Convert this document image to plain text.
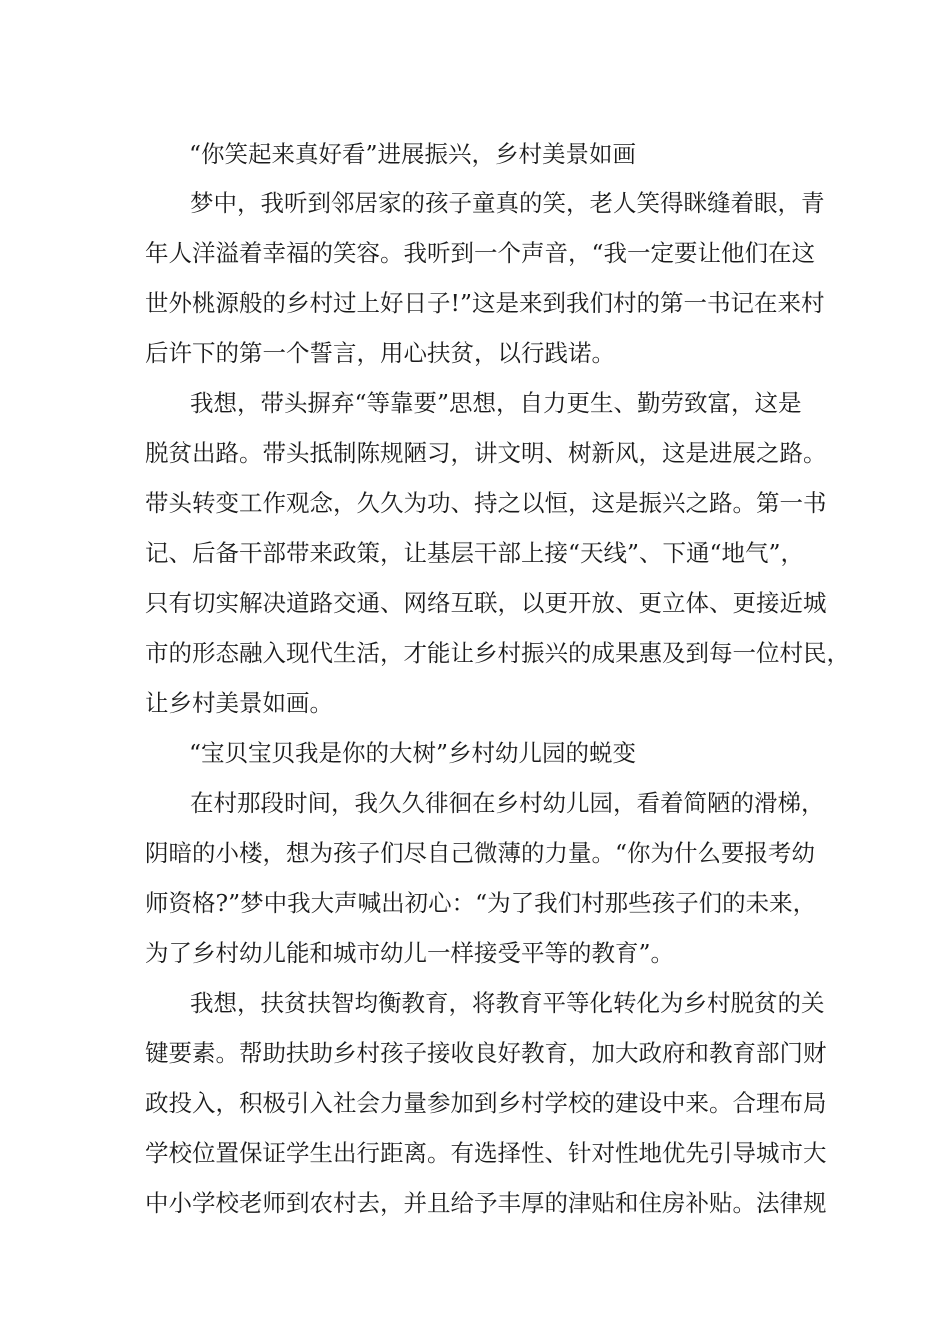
“你笑起来真好看”进展振兴，乡村美景如画

梦中，我听到邻居家的孩子童真的笑，老人笑得眯缝着眼，青

年人洋溢着幸福的笑容。我听到一个声音，“我一定要让他们在这

世外桃源般的乡村过上好日子!”这是来到我们村的第一书记在来村

后许下的第一个誓言，用心扶贫，以行践诺。

我想，带头摒弃“等靠要”思想，自力更生、勤劳致富，这是

脱贫出路。带头抵制陈规陋习，讲文明、树新风，这是进展之路。

带头转变工作观念，久久为功、持之以恒，这是振兴之路。第一书

记、后备干部带来政策，让基层干部上接“天线”、下通“地气”，

只有切实解决道路交通、网络互联，以更开放、更立体、更接近城

市的形态融入现代生活，才能让乡村振兴的成果惠及到每一位村民，

让乡村美景如画。

“宝贝宝贝我是你的大树”乡村幼儿园的蜕变

在村那段时间，我久久徘徊在乡村幼儿园，看着简陋的滑梯，

阴暗的小楼，想为孩子们尽自己微薄的力量。“你为什么要报考幼

师资格?”梦中我大声喊出初心：“为了我们村那些孩子们的未来，

为了乡村幼儿能和城市幼儿一样接受平等的教育”。

我想，扶贫扶智均衡教育，将教育平等化转化为乡村脱贫的关

键要素。帮助扶助乡村孩子接收良好教育，加大政府和教育部门财

政投入，积极引入社会力量参加到乡村学校的建设中来。合理布局

学校位置保证学生出行距离。有选择性、针对性地优先引导城市大

中小学校老师到农村去，并且给予丰厚的津贴和住房补贴。法律规
